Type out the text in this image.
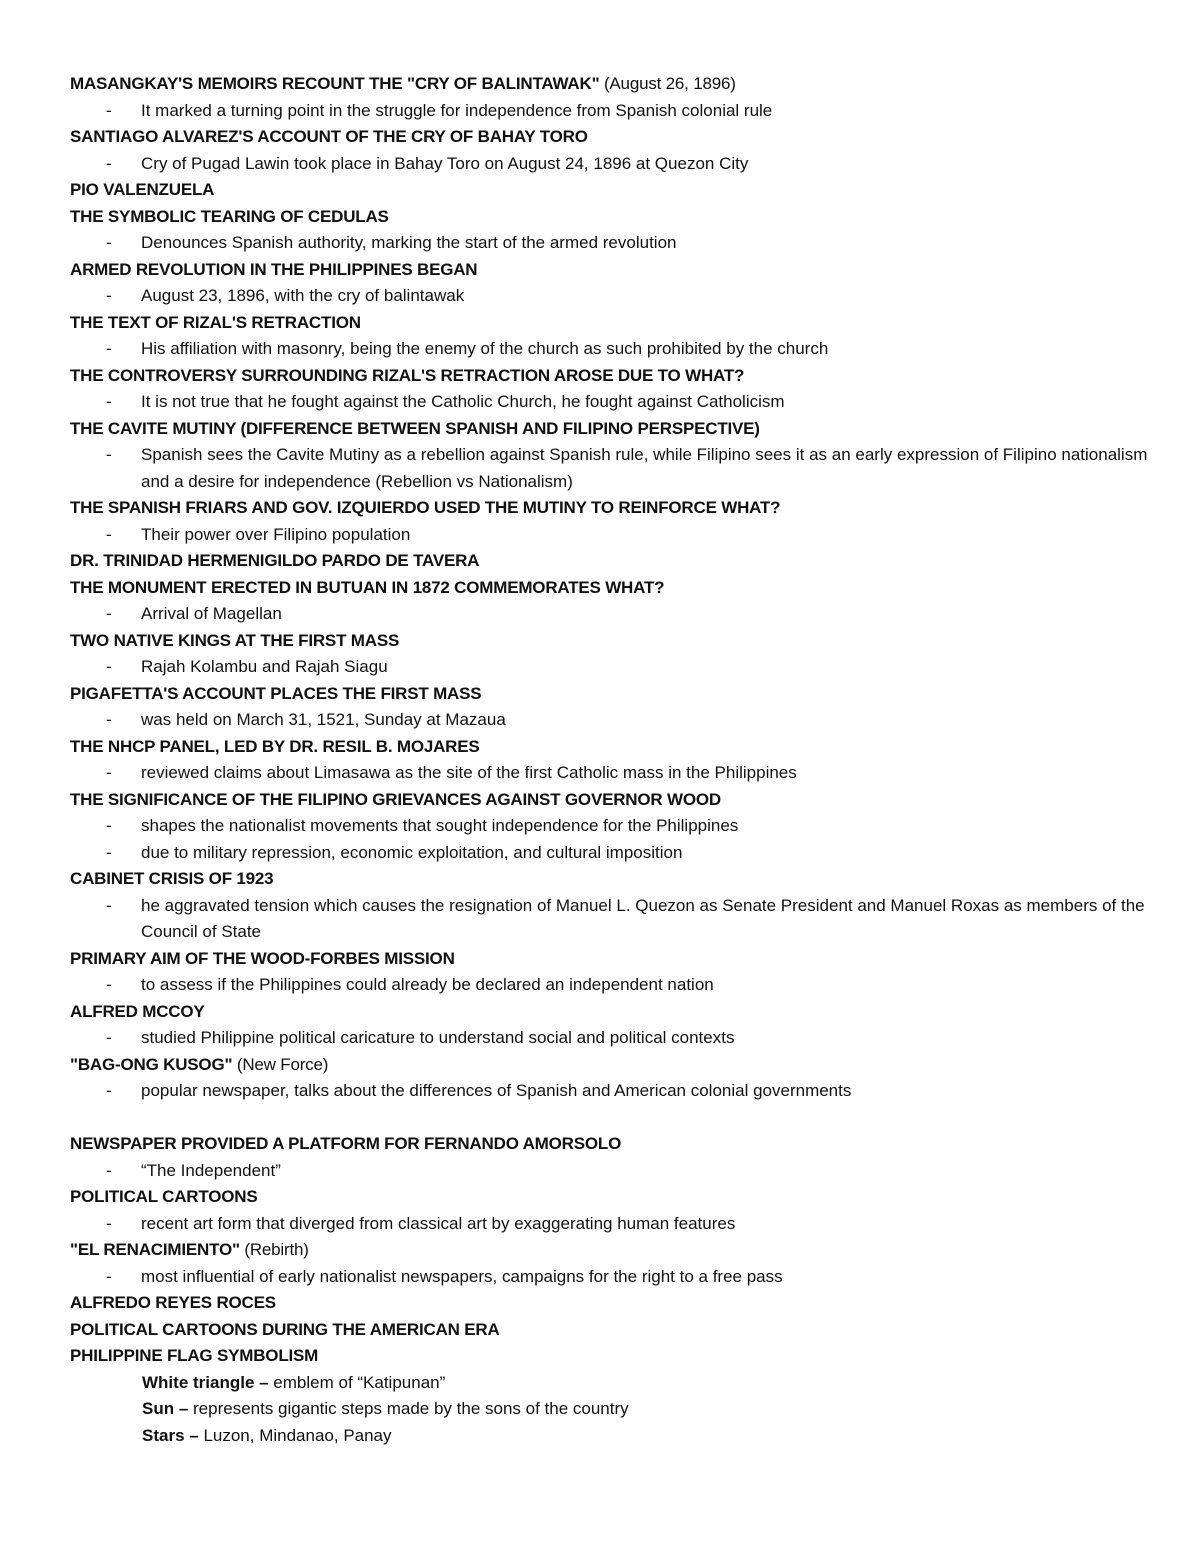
MASANGKAY'S MEMOIRS RECOUNT THE "CRY OF BALINTAWAK" (August 26, 1896)
- It marked a turning point in the struggle for independence from Spanish colonial rule
SANTIAGO ALVAREZ'S ACCOUNT OF THE CRY OF BAHAY TORO
- Cry of Pugad Lawin took place in Bahay Toro on August 24, 1896 at Quezon City
PIO VALENZUELA
THE SYMBOLIC TEARING OF CEDULAS
- Denounces Spanish authority, marking the start of the armed revolution
ARMED REVOLUTION IN THE PHILIPPINES BEGAN
- August 23, 1896, with the cry of balintawak
THE TEXT OF RIZAL'S RETRACTION
- His affiliation with masonry, being the enemy of the church as such prohibited by the church
THE CONTROVERSY SURROUNDING RIZAL'S RETRACTION AROSE DUE TO WHAT?
- It is not true that he fought against the Catholic Church, he fought against Catholicism
THE CAVITE MUTINY (DIFFERENCE BETWEEN SPANISH AND FILIPINO PERSPECTIVE)
- Spanish sees the Cavite Mutiny as a rebellion against Spanish rule, while Filipino sees it as an early expression of Filipino nationalism and a desire for independence (Rebellion vs Nationalism)
THE SPANISH FRIARS AND GOV. IZQUIERDO USED THE MUTINY TO REINFORCE WHAT?
- Their power over Filipino population
DR. TRINIDAD HERMENIGILDO PARDO DE TAVERA
THE MONUMENT ERECTED IN BUTUAN IN 1872 COMMEMORATES WHAT?
- Arrival of Magellan
TWO NATIVE KINGS AT THE FIRST MASS
- Rajah Kolambu and Rajah Siagu
PIGAFETTA'S ACCOUNT PLACES THE FIRST MASS
- was held on March 31, 1521, Sunday at Mazaua
THE NHCP PANEL, LED BY DR. RESIL B. MOJARES
- reviewed claims about Limasawa as the site of the first Catholic mass in the Philippines
THE SIGNIFICANCE OF THE FILIPINO GRIEVANCES AGAINST GOVERNOR WOOD
- shapes the nationalist movements that sought independence for the Philippines
- due to military repression, economic exploitation, and cultural imposition
CABINET CRISIS OF 1923
- he aggravated tension which causes the resignation of Manuel L. Quezon as Senate President and Manuel Roxas as members of the Council of State
PRIMARY AIM OF THE WOOD-FORBES MISSION
- to assess if the Philippines could already be declared an independent nation
ALFRED MCCOY
- studied Philippine political caricature to understand social and political contexts
"BAG-ONG KUSOG" (New Force)
- popular newspaper, talks about the differences of Spanish and American colonial governments
NEWSPAPER PROVIDED A PLATFORM FOR FERNANDO AMORSOLO
- “The Independent”
POLITICAL CARTOONS
- recent art form that diverged from classical art by exaggerating human features
"EL RENACIMIENTO" (Rebirth)
- most influential of early nationalist newspapers, campaigns for the right to a free pass
ALFREDO REYES ROCES
POLITICAL CARTOONS DURING THE AMERICAN ERA
PHILIPPINE FLAG SYMBOLISM
White triangle – emblem of “Katipunan”
Sun – represents gigantic steps made by the sons of the country
Stars – Luzon, Mindanao, Panay
